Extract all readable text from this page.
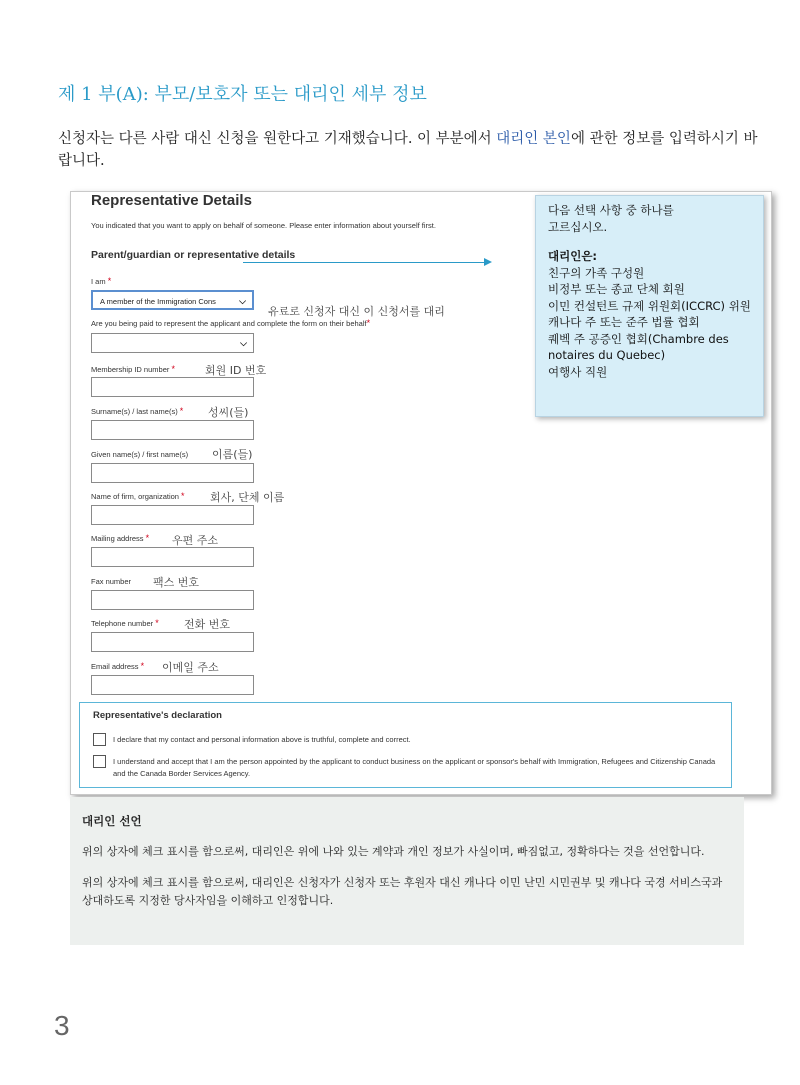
제 1 부(A): 부모/보호자 또는 대리인 세부 정보
신청자는 다른 사람 대신 신청을 원한다고 기재했습니다. 이 부분에서 대리인 본인에 관한 정보를 입력하시기 바랍니다.
Representative Details
You indicated that you want to apply on behalf of someone. Please enter information about yourself first.
Parent/guardian or representative details
I am *
A member of the Immigration Cons	⌵
유료로 신청자 대신 이 신청서를 대리
Are you being paid to represent the applicant and complete the form on their behalf*
⌵
Membership ID number *	회원 ID 번호
Surname(s) / last name(s) * 성씨(들)
Given name(s) / first name(s) 이름(들)
Name of firm, organization * 회사, 단체 이름
Mailing address * 우편 주소
Fax number 팩스 번호
Telephone number * 전화 번호
Email address * 이메일 주소
Representative's declaration
I declare that my contact and personal information above is truthful, complete and correct.
I understand and accept that I am the person appointed by the applicant to conduct business on the applicant or sponsor's behalf with Immigration, Refugees and Citizenship Canada and the Canada Border Services Agency.
다음 선택 사항 중 하나를
고르십시오.
대리인은:
친구의 가족 구성원
비정부 또는 종교 단체 회원
이민 컨설턴트 규제 위원회(ICCRC) 위원
캐나다 주 또는 준주 법률 협회
퀘벡 주 공증인 협회(Chambre des notaires du Quebec)
여행사 직원
대리인 선언
위의 상자에 체크 표시를 함으로써, 대리인은 위에 나와 있는 계약과 개인 정보가 사실이며, 빠짐없고, 정확하다는 것을 선언합니다.
위의 상자에 체크 표시를 함으로써, 대리인은 신청자가 신청자 또는 후원자 대신 캐나다 이민 난민 시민권부 및 캐나다 국경 서비스국과 상대하도록 지정한 당사자임을 이해하고 인정합니다.
3
